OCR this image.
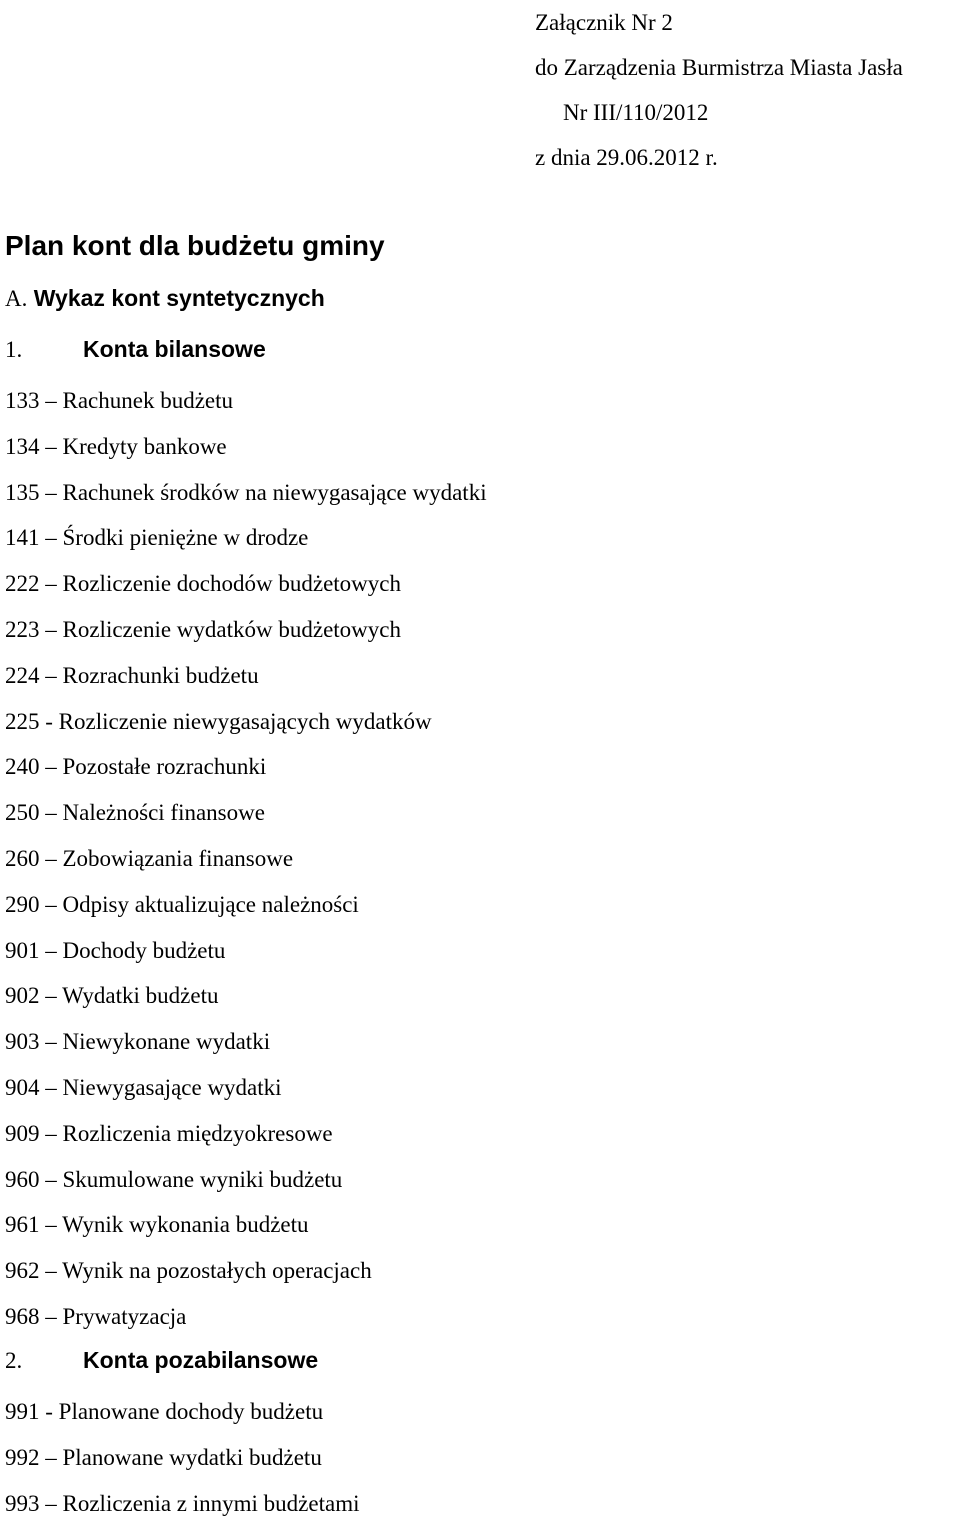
Załącznik Nr 2
do Zarządzenia Burmistrza Miasta Jasła
Nr III/110/2012
z dnia 29.06.2012 r.
Plan kont dla budżetu gminy
A. Wykaz kont syntetycznych
1.	Konta bilansowe
133 – Rachunek budżetu
134 – Kredyty bankowe
135 – Rachunek środków na niewygasające wydatki
141 – Środki pieniężne w drodze
222 – Rozliczenie dochodów budżetowych
223 – Rozliczenie wydatków budżetowych
224 – Rozrachunki budżetu
225 - Rozliczenie niewygasających wydatków
240 – Pozostałe rozrachunki
250 – Należności finansowe
260 – Zobowiązania finansowe
290 – Odpisy aktualizujące należności
901 – Dochody budżetu
902 – Wydatki budżetu
903 – Niewykonane wydatki
904 – Niewygasające wydatki
909 – Rozliczenia międzyokresowe
960 – Skumulowane wyniki budżetu
961 – Wynik wykonania budżetu
962 – Wynik na pozostałych operacjach
968 – Prywatyzacja
2.	Konta pozabilansowe
991 - Planowane dochody budżetu
992 – Planowane wydatki budżetu
993 – Rozliczenia z innymi budżetami
